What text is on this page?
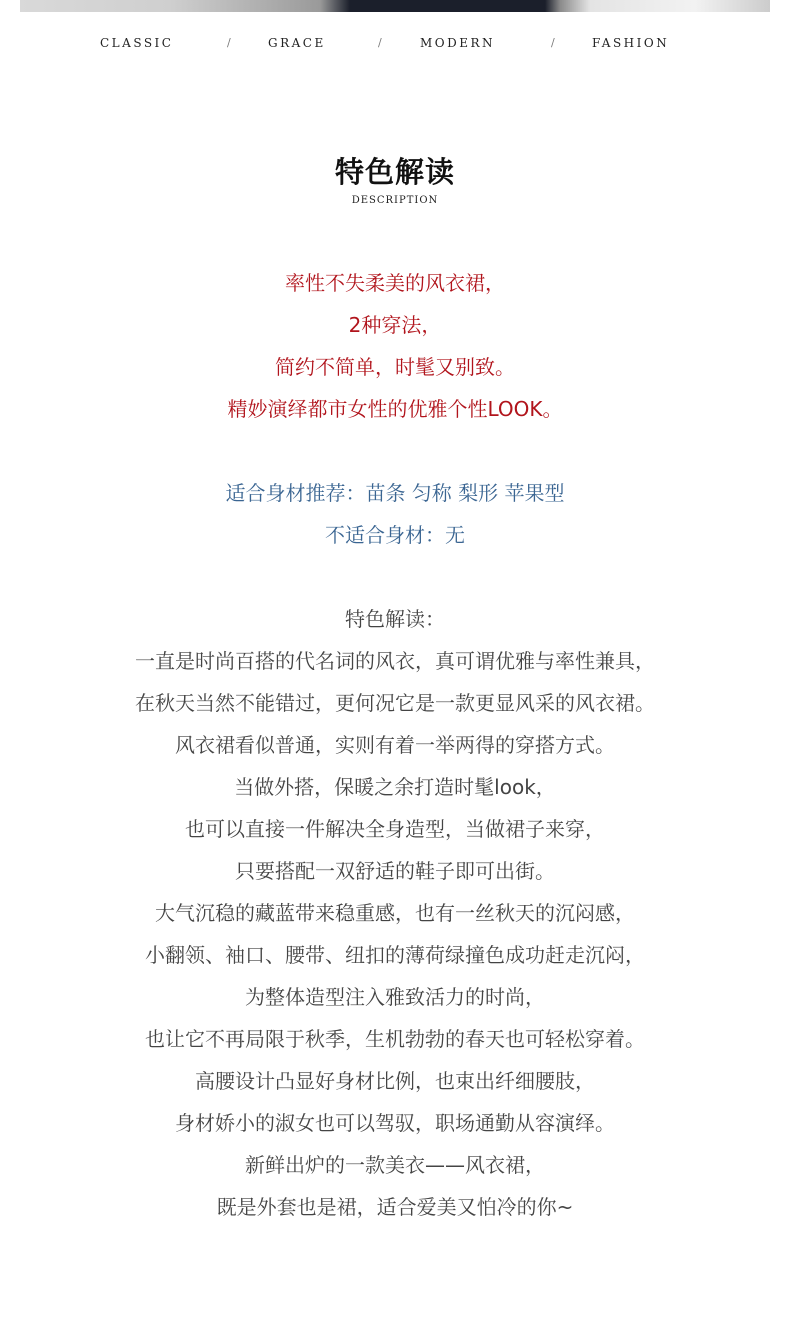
CLASSIC	/	GRACE	/	MODERN	/	FASHION
特色解读
DESCRIPTION
率性不失柔美的风衣裙，
2种穿法，
简约不简单，时髦又别致。
精妙演绎都市女性的优雅个性LOOK。
适合身材推荐：苗条 匀称 梨形 苹果型
不适合身材：无
特色解读：
一直是时尚百搭的代名词的风衣，真可谓优雅与率性兼具，
在秋天当然不能错过，更何况它是一款更显风采的风衣裙。
风衣裙看似普通，实则有着一举两得的穿搭方式。
当做外搭，保暖之余打造时髦look，
也可以直接一件解决全身造型，当做裙子来穿，
只要搭配一双舒适的鞋子即可出街。
大气沉稳的藏蓝带来稳重感，也有一丝秋天的沉闷感，
小翻领、袖口、腰带、纽扣的薄荷绿撞色成功赶走沉闷，
为整体造型注入雅致活力的时尚，
也让它不再局限于秋季，生机勃勃的春天也可轻松穿着。
高腰设计凸显好身材比例，也束出纤细腰肢，
身材娇小的淑女也可以驾驭，职场通勤从容演绎。
新鲜出炉的一款美衣——风衣裙，
既是外套也是裙，适合爱美又怕冷的你~
